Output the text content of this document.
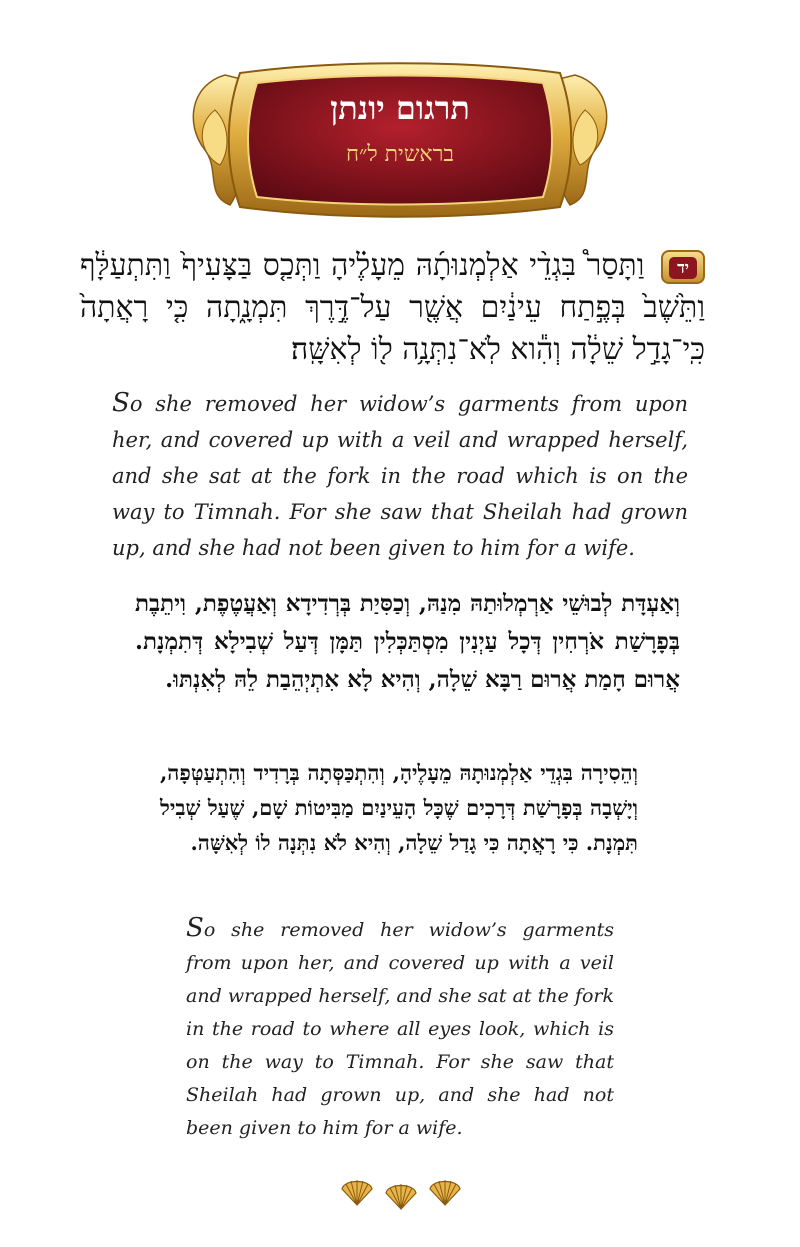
תרגום יונתן
בראשית ל״ח
יד וַתָּסַר֩ בִּגְדֵ֨י אַלְמְנוּתָ֜הּ מֵעָלֶ֗יהָ וַתְּכַ֤ס בַּצָּעִיף֙ וַתִּתְעַלָּ֔ף וַתֵּ֙שֶׁב֙ בְּפֶ֣תַח עֵינַ֔יִם אֲשֶׁ֖ר עַל־דֶּ֣רֶךְ תִּמְנָ֑תָה כִּ֤י רָאֲתָה֙ כִּֽי־גָדַ֣ל שֵׁלָ֔ה וְהִ֕וא לֹֽא־נִתְּנָ֥ה ל֖וֹ לְאִשָּֽׁה׃
So she removed her widow’s garments from upon her, and covered up with a veil and wrapped herself, and she sat at the fork in the road which is on the way to Timnah. For she saw that Sheilah had grown up, and she had not been given to him for a wife.
וְאַעְדָּת לְבוּשֵׁי אַרְמְלוּתַהּ מִנַהּ, וְכַסִּיַת בְּרְדִידָא וְאַעֲטֶפֶת, וִיתֵבֶת בְּפָרָשַׁת אֹרְחִין דְּכָל עַיְנִין מִסְתַּכְּלִין תַּמָּן דְּעַל שְׁבִילָא דְּתִמְנָת. אֲרוּם חָמַת אֲרוּם רַבָּא שֵׁלָה, וְהִיא לָא אִתְיְהֵבַת לֵהּ לְאִנְתּוּ.
וְהֵסִירָה בִּגְדֵי אַלְמְנוּתָהּ מֵעָלֶיהָ, וְהִתְכַּסְּתָה בְּרָדִיד וְהִתְעַטְּפָה, וְיָשְׁבָה בְּפָרָשַׁת דְּרָכִים שֶׁכָּל הָעֵינַיִם מַבִּיטוֹת שָׁם, שֶׁעַל שְׁבִיל תִּמְנָת. כִּי רָאֲתָה כִּי גָדַל שֵׁלָה, וְהִיא לֹא נִתְּנָה לוֹ לְאִשָּׁה.
So she removed her widow’s garments from upon her, and covered up with a veil and wrapped herself, and she sat at the fork in the road to where all eyes look, which is on the way to Timnah. For she saw that Sheilah had grown up, and she had not been given to him for a wife.
